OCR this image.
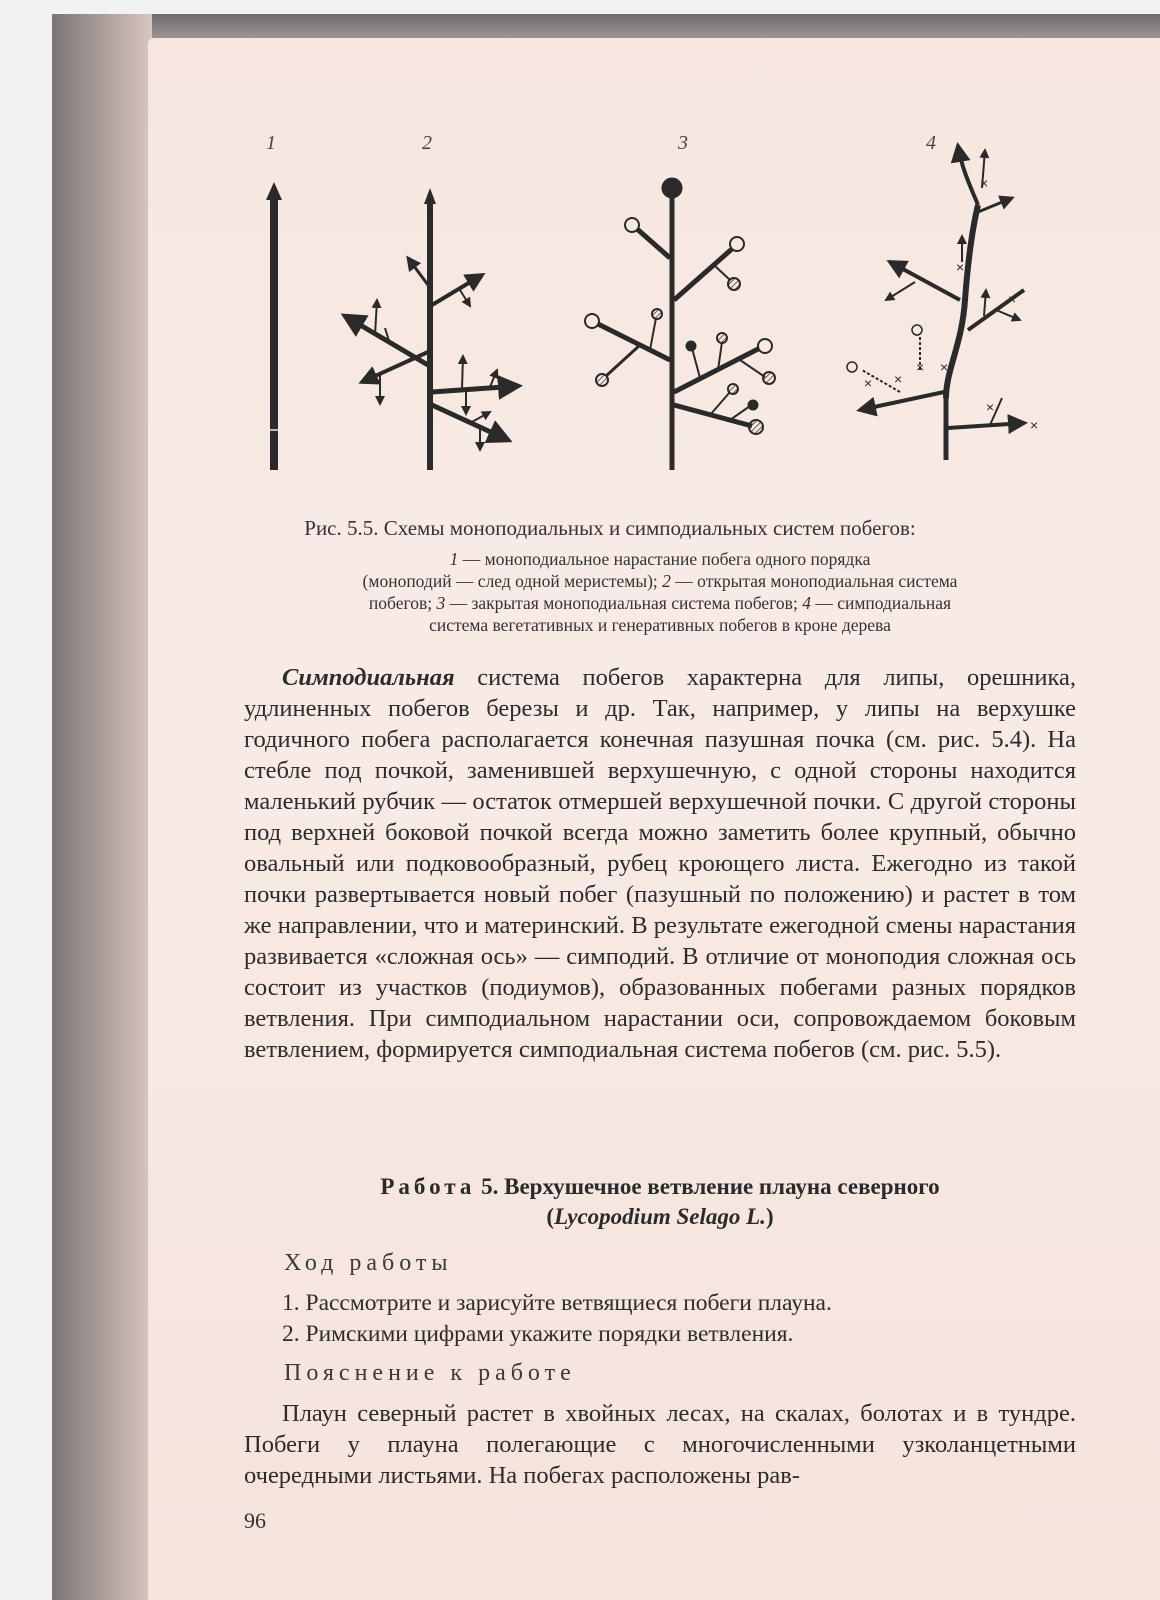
1	2	3	4
×
×
×
× ×
×
×
×
×
Рис. 5.5. Схемы моноподиальных и симподиальных систем побегов:
1 — моноподиальное нарастание побега одного порядка
(моноподий — след одной меристемы); 2 — открытая моноподиальная система
побегов; 3 — закрытая моноподиальная система побегов; 4 — симподиальная
система вегетативных и генеративных побегов в кроне дерева

Симподиальная система побегов характерна для липы, орешника, удлиненных побегов березы и др. Так, например, у липы на верхушке годичного побега располагается конечная пазушная почка (см. рис. 5.4). На стебле под почкой, заменившей верхушечную, с одной стороны находится маленький рубчик — остаток отмершей верхушечной почки. С другой стороны под верхней боковой почкой всегда можно заметить более крупный, обычно овальный или подковообразный, рубец кроющего листа. Ежегодно из такой почки развертывается новый побег (пазушный по положению) и растет в том же направлении, что и материнский. В результате ежегодной смены нарастания развивается «сложная ось» — симподий. В отличие от моноподия сложная ось состоит из участков (подиумов), образованных побегами разных порядков ветвления. При симподиальном нарастании оси, сопровождаемом боковым ветвлением, формируется симподиальная система побегов (см. рис. 5.5).

Работа 5. Верхушечное ветвление плауна северного
(Lycopodium Selago L.)
Ход работы
1. Рассмотрите и зарисуйте ветвящиеся побеги плауна.
2. Римскими цифрами укажите порядки ветвления.
Пояснение к работе

Плаун северный растет в хвойных лесах, на скалах, болотах и в тундре. Побеги у плауна полегающие с многочисленными узколанцетными очередными листьями. На побегах расположены рав-

96
